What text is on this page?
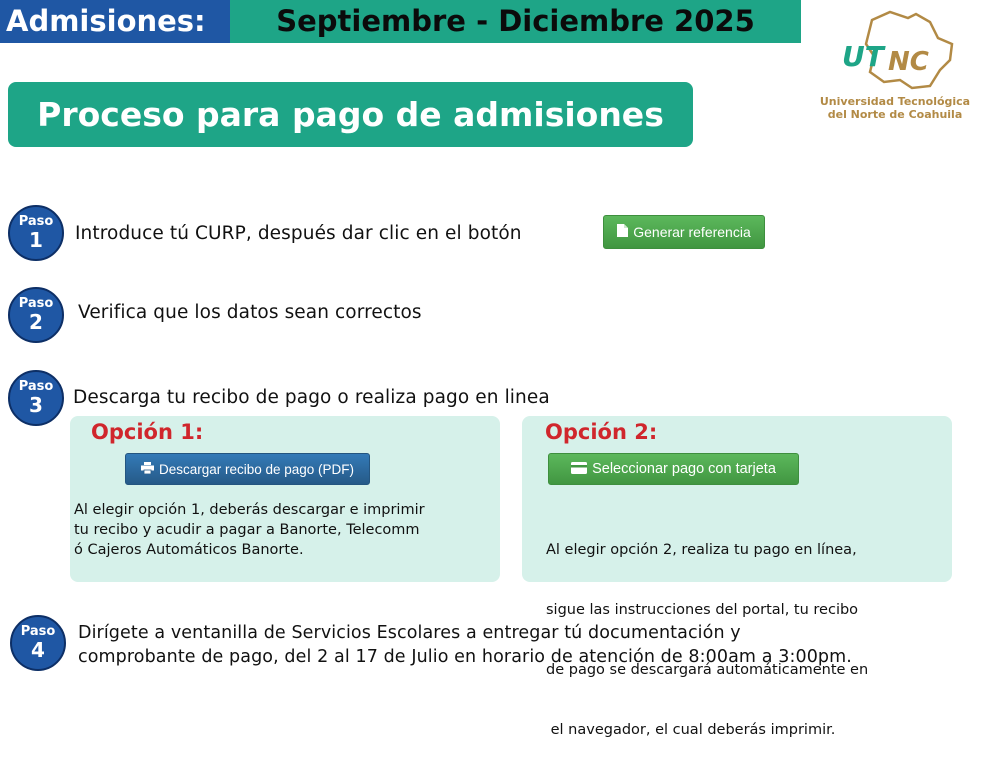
Admisiones:	Septiembre - Diciembre 2025
UT NC
Universidad Tecnológica
del Norte de Coahuila
Proceso para pago de admisiones
Paso
1	Introduce tú CURP, después dar clic en el botón	Generar referencia
Paso
2	Verifica que los datos sean correctos
Paso
3	Descarga tu recibo de pago o realiza pago en linea
Opción 1:
Descargar recibo de pago (PDF)
Al elegir opción 1, deberás descargar e imprimir
tu recibo y acudir a pagar a Banorte, Telecomm
ó Cajeros Automáticos Banorte.
Opción 2:
Seleccionar pago con tarjeta

Al elegir opción 2, realiza tu pago en línea,

sigue las instrucciones del portal, tu recibo

de pago se descargará automáticamente en

el navegador, el cual deberás imprimir.

Paso
4
Dirígete a ventanilla de Servicios Escolares a entregar tú documentación y
comprobante de pago, del 2 al 17 de Julio en horario de atención de 8:00am a 3:00pm.
